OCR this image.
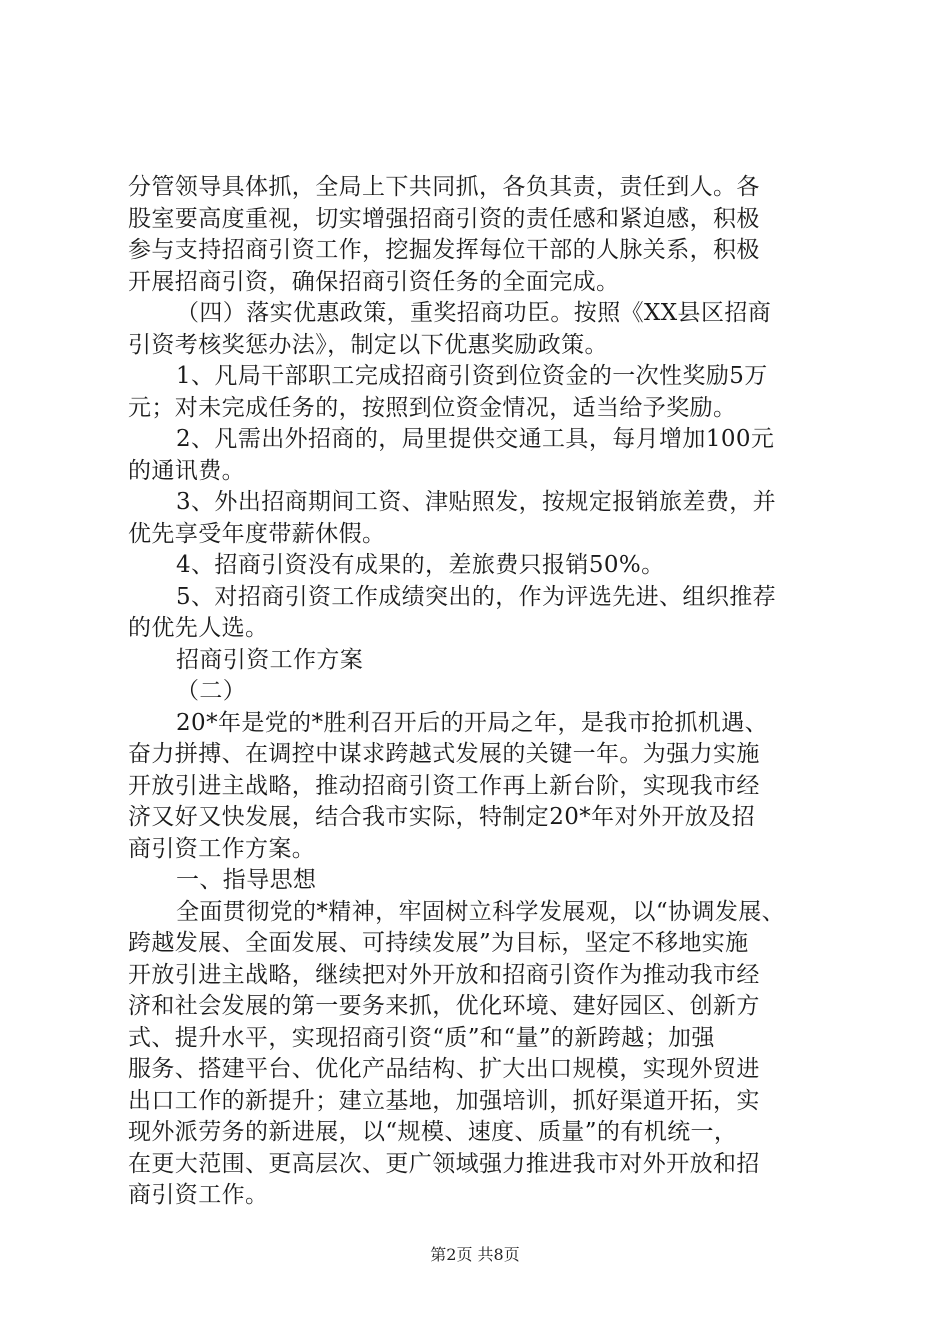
分管领导具体抓，全局上下共同抓，各负其责，责任到人。各
股室要高度重视，切实增强招商引资的责任感和紧迫感，积极
参与支持招商引资工作，挖掘发挥每位干部的人脉关系，积极
开展招商引资，确保招商引资任务的全面完成。
（四）落实优惠政策，重奖招商功臣。按照《XX县区招商
引资考核奖惩办法》，制定以下优惠奖励政策。
1、凡局干部职工完成招商引资到位资金的一次性奖励5万
元；对未完成任务的，按照到位资金情况，适当给予奖励。
2、凡需出外招商的，局里提供交通工具，每月增加100元
的通讯费。
3、外出招商期间工资、津贴照发，按规定报销旅差费，并
优先享受年度带薪休假。
4、招商引资没有成果的，差旅费只报销50%。
5、对招商引资工作成绩突出的，作为评选先进、组织推荐
的优先人选。
招商引资工作方案
（二）
20*年是党的*胜利召开后的开局之年，是我市抢抓机遇、
奋力拼搏、在调控中谋求跨越式发展的关键一年。为强力实施
开放引进主战略，推动招商引资工作再上新台阶，实现我市经
济又好又快发展，结合我市实际，特制定20*年对外开放及招
商引资工作方案。
一、指导思想
全面贯彻党的*精神，牢固树立科学发展观，以“协调发展、
跨越发展、全面发展、可持续发展”为目标，坚定不移地实施
开放引进主战略，继续把对外开放和招商引资作为推动我市经
济和社会发展的第一要务来抓，优化环境、建好园区、创新方
式、提升水平，实现招商引资“质”和“量”的新跨越；加强
服务、搭建平台、优化产品结构、扩大出口规模，实现外贸进
出口工作的新提升；建立基地，加强培训，抓好渠道开拓，实
现外派劳务的新进展，以“规模、速度、质量”的有机统一，
在更大范围、更高层次、更广领域强力推进我市对外开放和招
商引资工作。
第2页 共8页
